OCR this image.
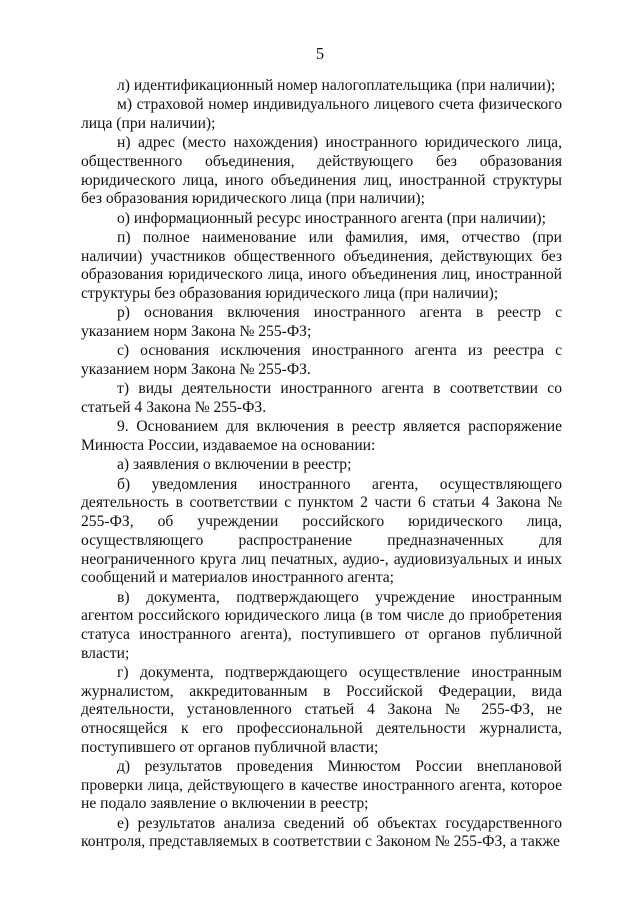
5

л) идентификационный номер налогоплательщика (при наличии);

м) страховой номер индивидуального лицевого счета физического лица (при наличии);

н) адрес (место нахождения) иностранного юридического лица, общественного объединения, действующего без образования юридического лица, иного объединения лиц, иностранной структуры без образования юридического лица (при наличии);

о) информационный ресурс иностранного агента (при наличии);

п) полное наименование или фамилия, имя, отчество (при наличии) участников общественного объединения, действующих без образования юридического лица, иного объединения лиц, иностранной структуры без образования юридического лица (при наличии);

р) основания включения иностранного агента в реестр с указанием норм Закона № 255-ФЗ;

с) основания исключения иностранного агента из реестра с указанием норм Закона № 255-ФЗ.

т) виды деятельности иностранного агента в соответствии со статьей 4 Закона № 255-ФЗ.

9. Основанием для включения в реестр является распоряжение Минюста России, издаваемое на основании:

а) заявления о включении в реестр;

б) уведомления иностранного агента, осуществляющего деятельность в соответствии с пунктом 2 части 6 статьи 4 Закона № 255-ФЗ, об учреждении российского юридического лица, осуществляющего распространение предназначенных для неограниченного круга лиц печатных, аудио-, аудиовизуальных и иных сообщений и материалов иностранного агента;

в) документа, подтверждающего учреждение иностранным агентом российского юридического лица (в том числе до приобретения статуса иностранного агента), поступившего от органов публичной власти;

г) документа, подтверждающего осуществление иностранным журналистом, аккредитованным в Российской Федерации, вида деятельности, установленного статьей 4 Закона № 255-ФЗ, не относящейся к его профессиональной деятельности журналиста, поступившего от органов публичной власти;

д) результатов проведения Минюстом России внеплановой проверки лица, действующего в качестве иностранного агента, которое не подало заявление о включении в реестр;

е) результатов анализа сведений об объектах государственного контроля, представляемых в соответствии с Законом № 255-ФЗ, а также
